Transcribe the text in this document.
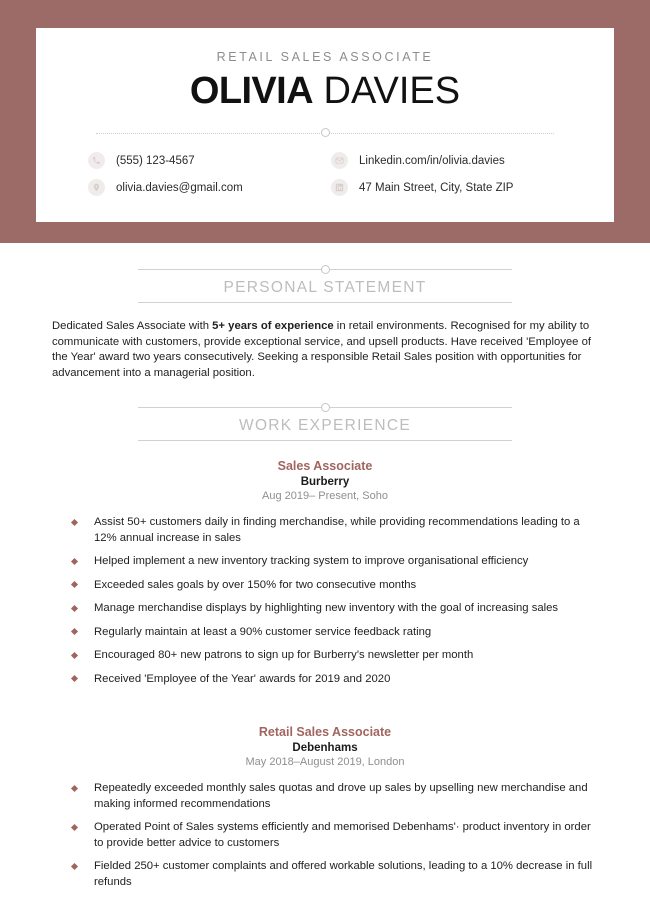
RETAIL SALES ASSOCIATE
OLIVIA DAVIES
(555) 123-4567	Linkedin.com/in/olivia.davies
olivia.davies@gmail.com	47 Main Street, City, State ZIP
PERSONAL STATEMENT

Dedicated Sales Associate with 5+ years of experience in retail environments. Recognised for my ability to communicate with customers, provide exceptional service, and upsell products. Have received 'Employee of the Year' award two years consecutively. Seeking a responsible Retail Sales position with opportunities for advancement into a managerial position.

WORK EXPERIENCE
Sales Associate
Burberry
Aug 2019– Present, Soho
Assist 50+ customers daily in finding merchandise, while providing recommendations leading to a 12% annual increase in sales
Helped implement a new inventory tracking system to improve organisational efficiency
Exceeded sales goals by over 150% for two consecutive months
Manage merchandise displays by highlighting new inventory with the goal of increasing sales
Regularly maintain at least a 90% customer service feedback rating
Encouraged 80+ new patrons to sign up for Burberry's newsletter per month
Received 'Employee of the Year' awards for 2019 and 2020
Retail Sales Associate
Debenhams
May 2018–August 2019, London
Repeatedly exceeded monthly sales quotas and drove up sales by upselling new merchandise and making informed recommendations
Operated Point of Sales systems efficiently and memorised Debenhams'· product inventory in order to provide better advice to customers
Fielded 250+ customer complaints and offered workable solutions, leading to a 10% decrease in full refunds
